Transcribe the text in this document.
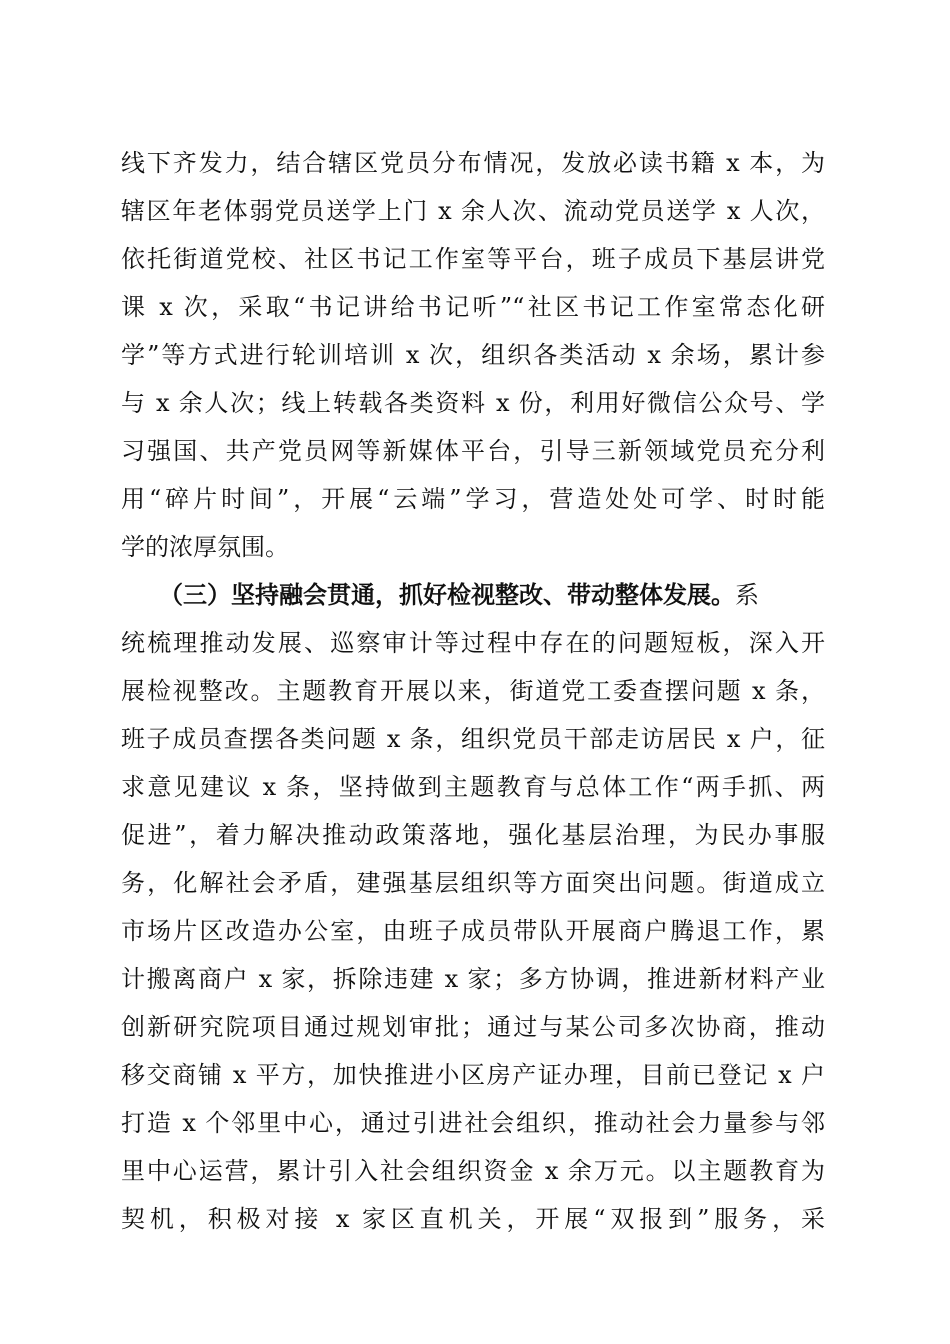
线下齐发力，结合辖区党员分布情况，发放必读书籍 x 本，为
辖区年老体弱党员送学上门 x 余人次、流动党员送学 x 人次，
依托街道党校、社区书记工作室等平台，班子成员下基层讲党
课 x 次，采取“书记讲给书记听”“社区书记工作室常态化研
学”等方式进行轮训培训 x 次，组织各类活动 x 余场，累计参
与 x 余人次；线上转载各类资料 x 份，利用好微信公众号、学
习强国、共产党员网等新媒体平台，引导三新领域党员充分利
用“碎片时间”，开展“云端”学习，营造处处可学、时时能
学的浓厚氛围。
（三）坚持融会贯通，抓好检视整改、带动整体发展。系
统梳理推动发展、巡察审计等过程中存在的问题短板，深入开
展检视整改。主题教育开展以来，街道党工委查摆问题 x 条，
班子成员查摆各类问题 x 条，组织党员干部走访居民 x 户，征
求意见建议 x 条，坚持做到主题教育与总体工作“两手抓、两
促进”，着力解决推动政策落地，强化基层治理，为民办事服
务，化解社会矛盾，建强基层组织等方面突出问题。街道成立
市场片区改造办公室，由班子成员带队开展商户腾退工作，累
计搬离商户 x 家，拆除违建 x 家；多方协调，推进新材料产业
创新研究院项目通过规划审批；通过与某公司多次协商，推动
移交商铺 x 平方，加快推进小区房产证办理，目前已登记 x 户
打造 x 个邻里中心，通过引进社会组织，推动社会力量参与邻
里中心运营，累计引入社会组织资金 x 余万元。以主题教育为
契机，积极对接 x 家区直机关，开展“双报到”服务，采
